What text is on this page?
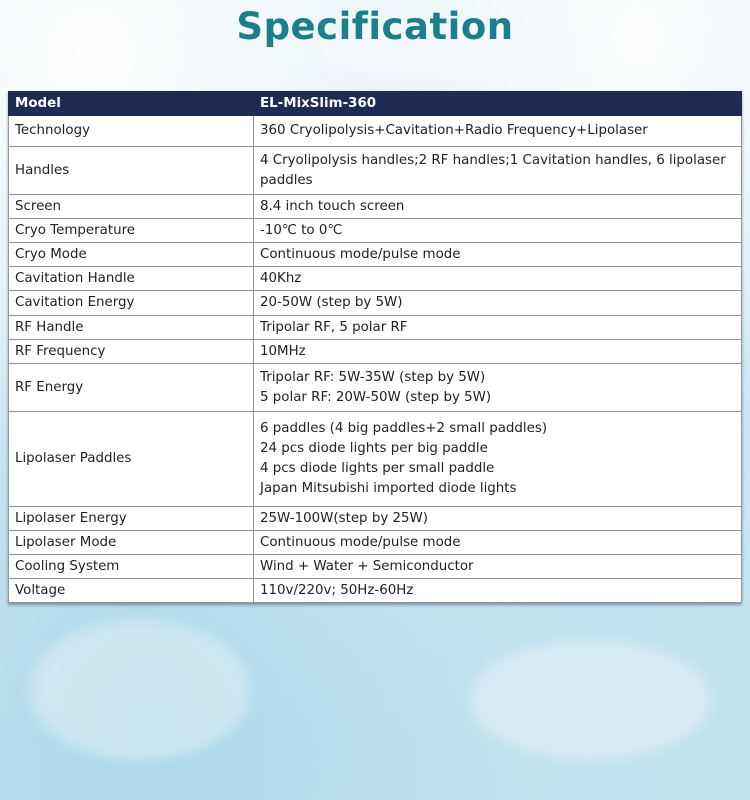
Specification
Model	EL-MixSlim-360
Technology	360 Cryolipolysis+Cavitation+Radio Frequency+Lipolaser
Handles	4 Cryolipolysis handles;2 RF handles;1 Cavitation handles, 6 lipolaser paddles
Screen	8.4 inch touch screen
Cryo Temperature	-10℃ to 0℃
Cryo Mode	Continuous mode/pulse mode
Cavitation Handle	40Khz
Cavitation Energy	20-50W (step by 5W)
RF Handle	Tripolar RF, 5 polar RF
RF Frequency	10MHz
RF Energy	Tripolar RF: 5W-35W (step by 5W)
5 polar RF: 20W-50W (step by 5W)
Lipolaser Paddles	6 paddles (4 big paddles+2 small paddles)
24 pcs diode lights per big paddle
4 pcs diode lights per small paddle
Japan Mitsubishi imported diode lights
Lipolaser Energy	25W-100W(step by 25W)
Lipolaser Mode	Continuous mode/pulse mode
Cooling System	Wind + Water + Semiconductor
Voltage	110v/220v; 50Hz-60Hz
